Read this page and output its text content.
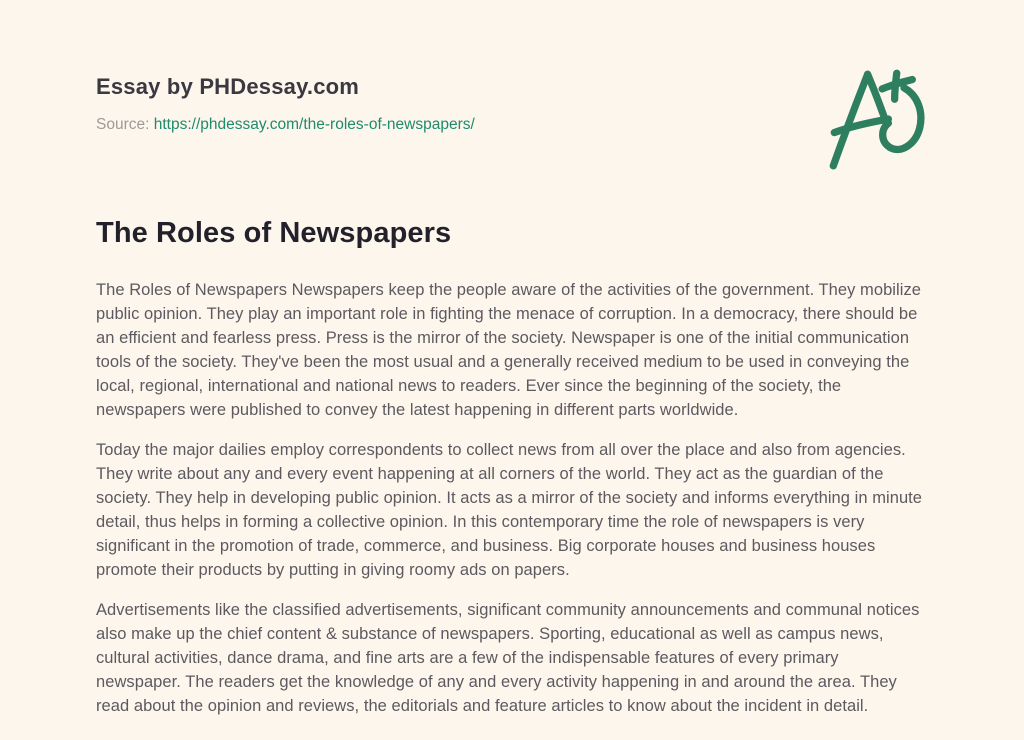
Essay by PHDessay.com
Source: https://phdessay.com/the-roles-of-newspapers/
The Roles of Newspapers

The Roles of Newspapers Newspapers keep the people aware of the activities of the government. They mobilize public opinion. They play an important role in fighting the menace of corruption. In a democracy, there should be an efficient and fearless press. Press is the mirror of the society. Newspaper is one of the initial communication tools of the society. They've been the most usual and a generally received medium to be used in conveying the local, regional, international and national news to readers. Ever since the beginning of the society, the newspapers were published to convey the latest happening in different parts worldwide.

Today the major dailies employ correspondents to collect news from all over the place and also from agencies. They write about any and every event happening at all corners of the world. They act as the guardian of the society. They help in developing public opinion. It acts as a mirror of the society and informs everything in minute detail, thus helps in forming a collective opinion. In this contemporary time the role of newspapers is very significant in the promotion of trade, commerce, and business. Big corporate houses and business houses promote their products by putting in giving roomy ads on papers.

Advertisements like the classified advertisements, significant community announcements and communal notices also make up the chief content & substance of newspapers. Sporting, educational as well as campus news, cultural activities, dance drama, and fine arts are a few of the indispensable features of every primary newspaper. The readers get the knowledge of any and every activity happening in and around the area. They read about the opinion and reviews, the editorials and feature articles to know about the incident in detail.
